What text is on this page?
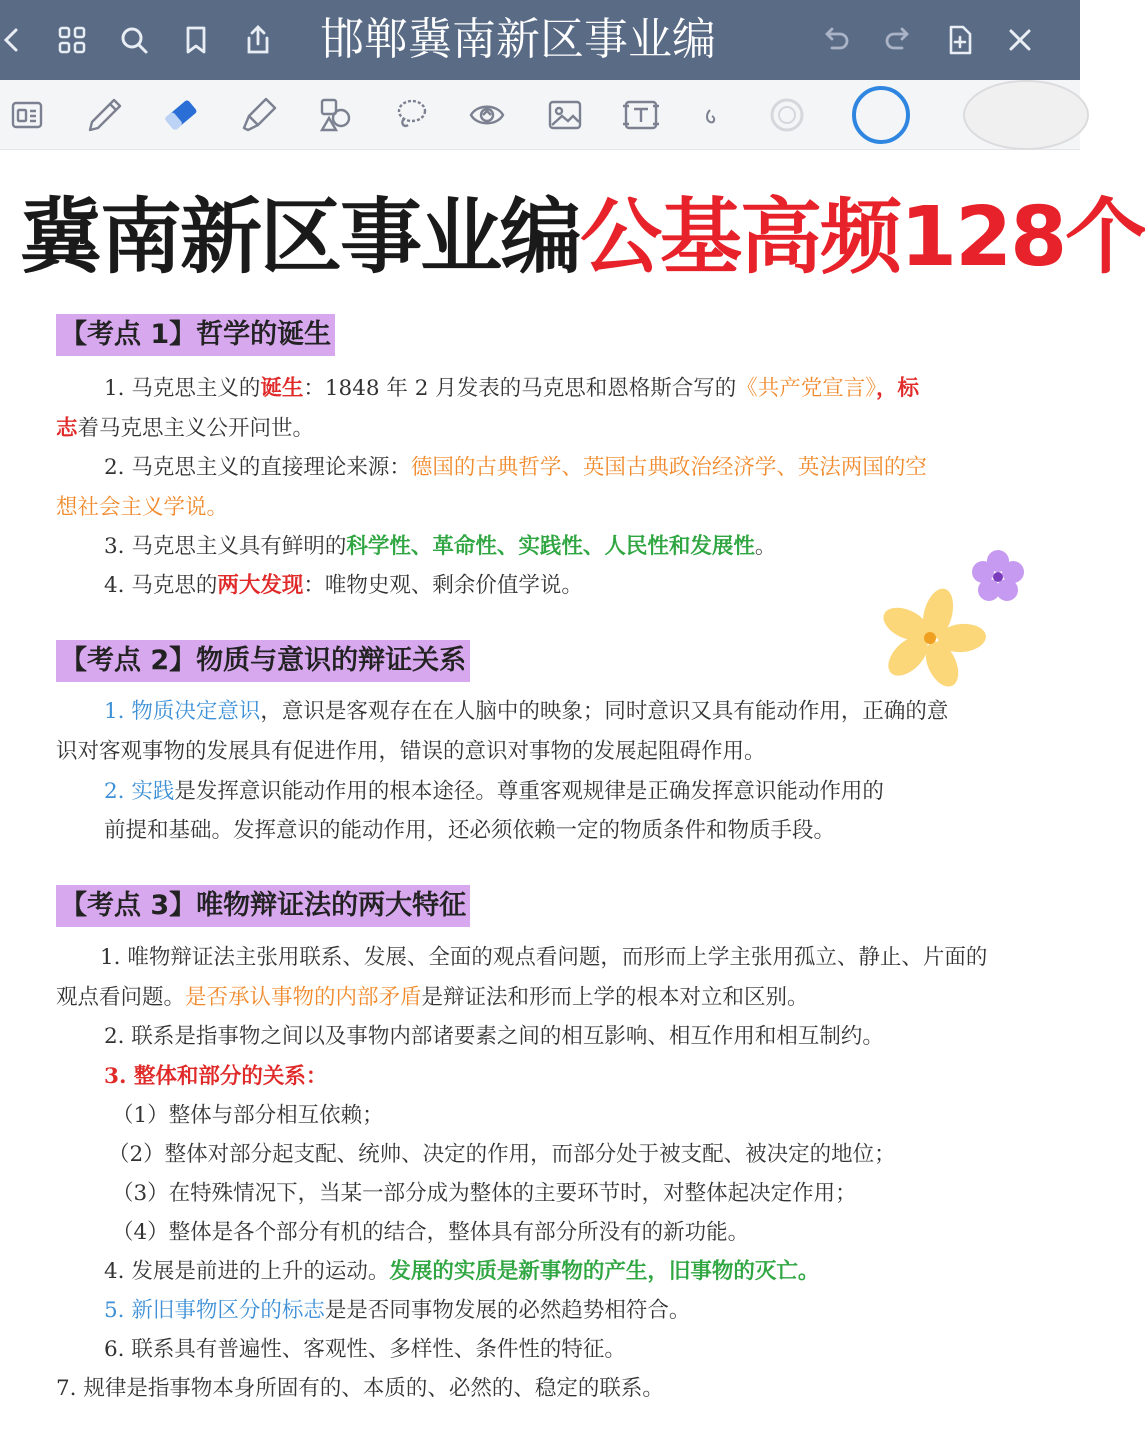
邯郸冀南新区事业编
冀南新区事业编公基高频128个
【考点 1】哲学的诞生
1. 马克思主义的诞生：1848 年 2 月发表的马克思和恩格斯合写的《共产党宣言》，标
志着马克思主义公开问世。
2. 马克思主义的直接理论来源：德国的古典哲学、英国古典政治经济学、英法两国的空
想社会主义学说。
3. 马克思主义具有鲜明的科学性、革命性、实践性、人民性和发展性。
4. 马克思的两大发现：唯物史观、剩余价值学说。
【考点 2】物质与意识的辩证关系
1. 物质决定意识，意识是客观存在在人脑中的映象；同时意识又具有能动作用，正确的意
识对客观事物的发展具有促进作用，错误的意识对事物的发展起阻碍作用。
2. 实践是发挥意识能动作用的根本途径。尊重客观规律是正确发挥意识能动作用的
前提和基础。发挥意识的能动作用，还必须依赖一定的物质条件和物质手段。
【考点 3】唯物辩证法的两大特征
1. 唯物辩证法主张用联系、发展、全面的观点看问题，而形而上学主张用孤立、静止、片面的
观点看问题。是否承认事物的内部矛盾是辩证法和形而上学的根本对立和区别。
2. 联系是指事物之间以及事物内部诸要素之间的相互影响、相互作用和相互制约。
3. 整体和部分的关系：
（1）整体与部分相互依赖；
（2）整体对部分起支配、统帅、决定的作用，而部分处于被支配、被决定的地位；
（3）在特殊情况下，当某一部分成为整体的主要环节时，对整体起决定作用；
（4）整体是各个部分有机的结合，整体具有部分所没有的新功能。
4. 发展是前进的上升的运动。发展的实质是新事物的产生，旧事物的灭亡。
5. 新旧事物区分的标志是是否同事物发展的必然趋势相符合。
6. 联系具有普遍性、客观性、多样性、条件性的特征。
7. 规律是指事物本身所固有的、本质的、必然的、稳定的联系。
